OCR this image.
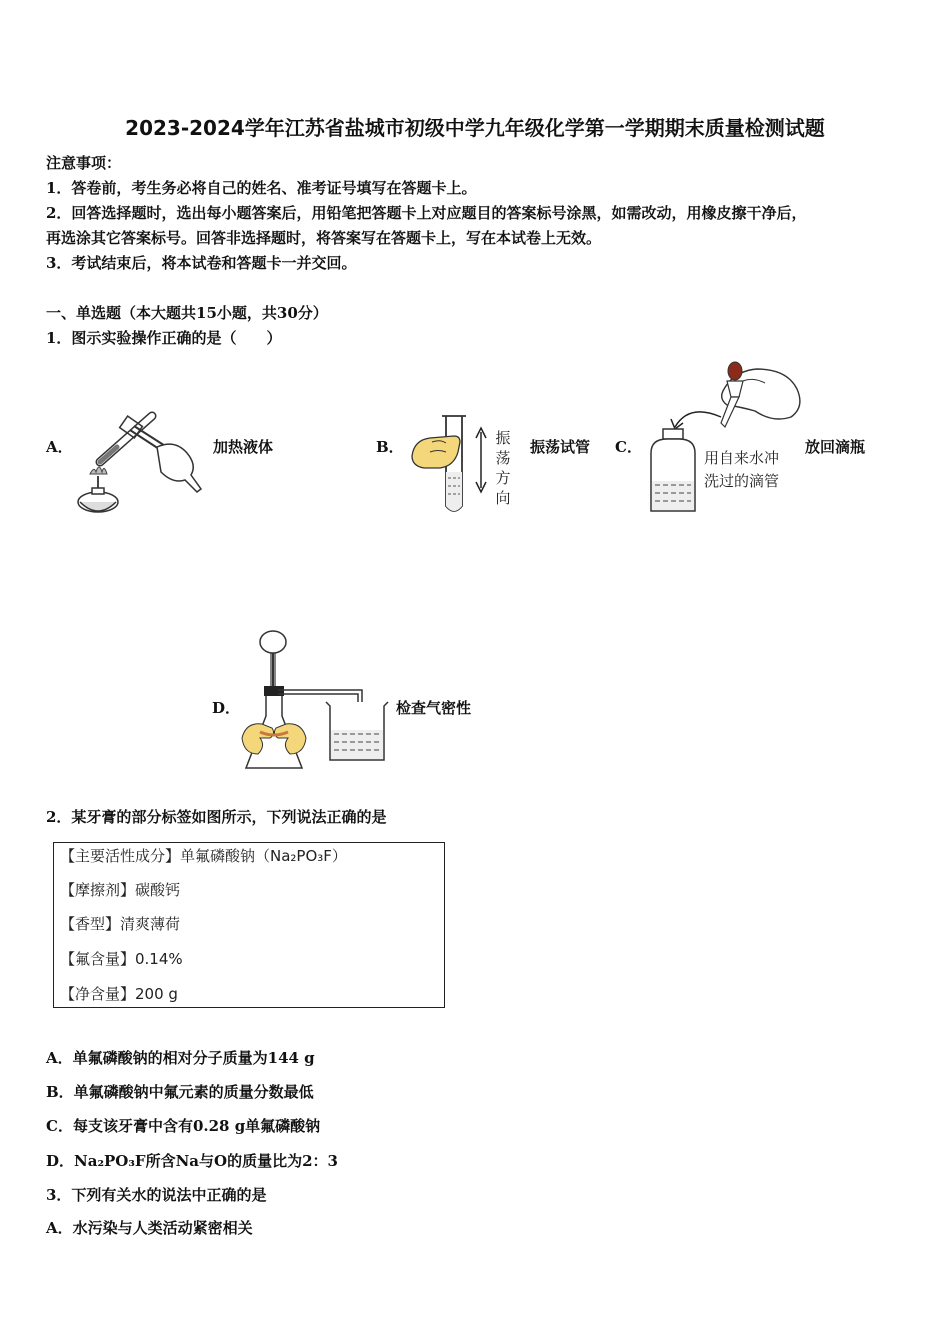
2023-2024学年江苏省盐城市初级中学九年级化学第一学期期末质量检测试题
注意事项：
1．答卷前，考生务必将自己的姓名、准考证号填写在答题卡上。
2．回答选择题时，选出每小题答案后，用铅笔把答题卡上对应题目的答案标号涂黑，如需改动，用橡皮擦干净后，
再选涂其它答案标号。回答非选择题时，将答案写在答题卡上，写在本试卷上无效。
3．考试结束后，将本试卷和答题卡一并交回。
一、单选题（本大题共15小题，共30分）
1．图示实验操作正确的是（　　）
A．	加热液体	B．	振荡方向
振荡试管 C．
用自来水冲
洗过的滴管
放回滴瓶
D．	检查气密性
2．某牙膏的部分标签如图所示，下列说法正确的是
【主要活性成分】单氟磷酸钠（Na₂PO₃F）
【摩擦剂】碳酸钙
【香型】清爽薄荷
【氟含量】0.14%
【净含量】200 g
A．单氟磷酸钠的相对分子质量为144 g
B．单氟磷酸钠中氟元素的质量分数最低
C．每支该牙膏中含有0.28 g单氟磷酸钠
D．Na₂PO₃F所含Na与O的质量比为2：3
3．下列有关水的说法中正确的是
A．水污染与人类活动紧密相关
